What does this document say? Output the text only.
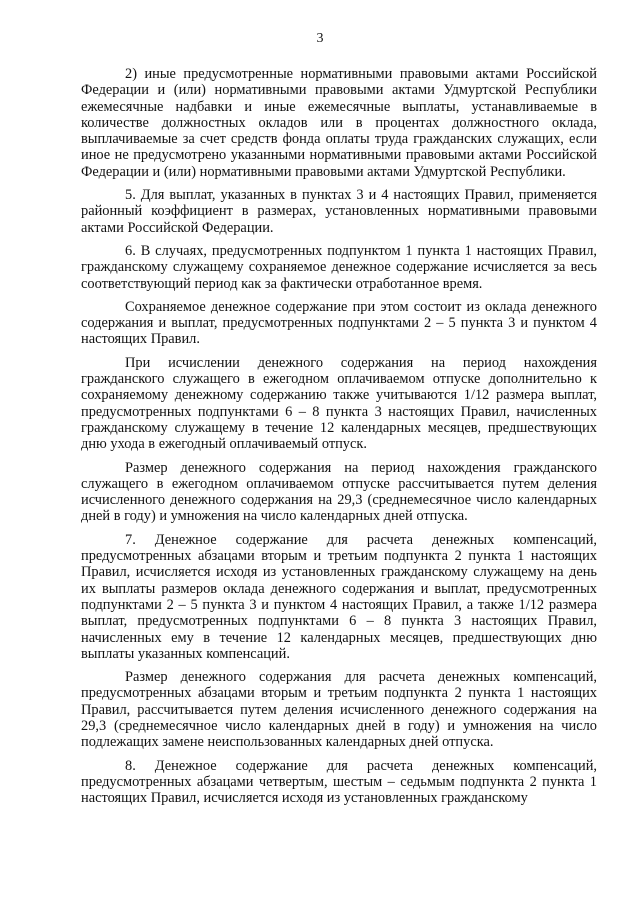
3

2) иные предусмотренные нормативными правовыми актами Российской Федерации и (или) нормативными правовыми актами Удмуртской Республики ежемесячные надбавки и иные ежемесячные выплаты, устанавливаемые в количестве должностных окладов или в процентах должностного оклада, выплачиваемые за счет средств фонда оплаты труда гражданских служащих, если иное не предусмотрено указанными нормативными правовыми актами Российской Федерации и (или) нормативными правовыми актами Удмуртской Республики.

5. Для выплат, указанных в пунктах 3 и 4 настоящих Правил, применяется районный коэффициент в размерах, установленных нормативными правовыми актами Российской Федерации.

6. В случаях, предусмотренных подпунктом 1 пункта 1 настоящих Правил, гражданскому служащему сохраняемое денежное содержание исчисляется за весь соответствующий период как за фактически отработанное время.

Сохраняемое денежное содержание при этом состоит из оклада денежного содержания и выплат, предусмотренных подпунктами 2 – 5 пункта 3 и пунктом 4 настоящих Правил.

При исчислении денежного содержания на период нахождения гражданского служащего в ежегодном оплачиваемом отпуске дополнительно к сохраняемому денежному содержанию также учитываются 1/12 размера выплат, предусмотренных подпунктами 6 – 8 пункта 3 настоящих Правил, начисленных гражданскому служащему в течение 12 календарных месяцев, предшествующих дню ухода в ежегодный оплачиваемый отпуск.

Размер денежного содержания на период нахождения гражданского служащего в ежегодном оплачиваемом отпуске рассчитывается путем деления исчисленного денежного содержания на 29,3 (среднемесячное число календарных дней в году) и умножения на число календарных дней отпуска.

7. Денежное содержание для расчета денежных компенсаций, предусмотренных абзацами вторым и третьим подпункта 2 пункта 1 настоящих Правил, исчисляется исходя из установленных гражданскому служащему на день их выплаты размеров оклада денежного содержания и выплат, предусмотренных подпунктами 2 – 5 пункта 3 и пунктом 4 настоящих Правил, а также 1/12 размера выплат, предусмотренных подпунктами 6 – 8 пункта 3 настоящих Правил, начисленных ему в течение 12 календарных месяцев, предшествующих дню выплаты указанных компенсаций.

Размер денежного содержания для расчета денежных компенсаций, предусмотренных абзацами вторым и третьим подпункта 2 пункта 1 настоящих Правил, рассчитывается путем деления исчисленного денежного содержания на 29,3 (среднемесячное число календарных дней в году) и умножения на число подлежащих замене неиспользованных календарных дней отпуска.

8. Денежное содержание для расчета денежных компенсаций, предусмотренных абзацами четвертым, шестым – седьмым подпункта 2 пункта 1 настоящих Правил, исчисляется исходя из установленных гражданскому
